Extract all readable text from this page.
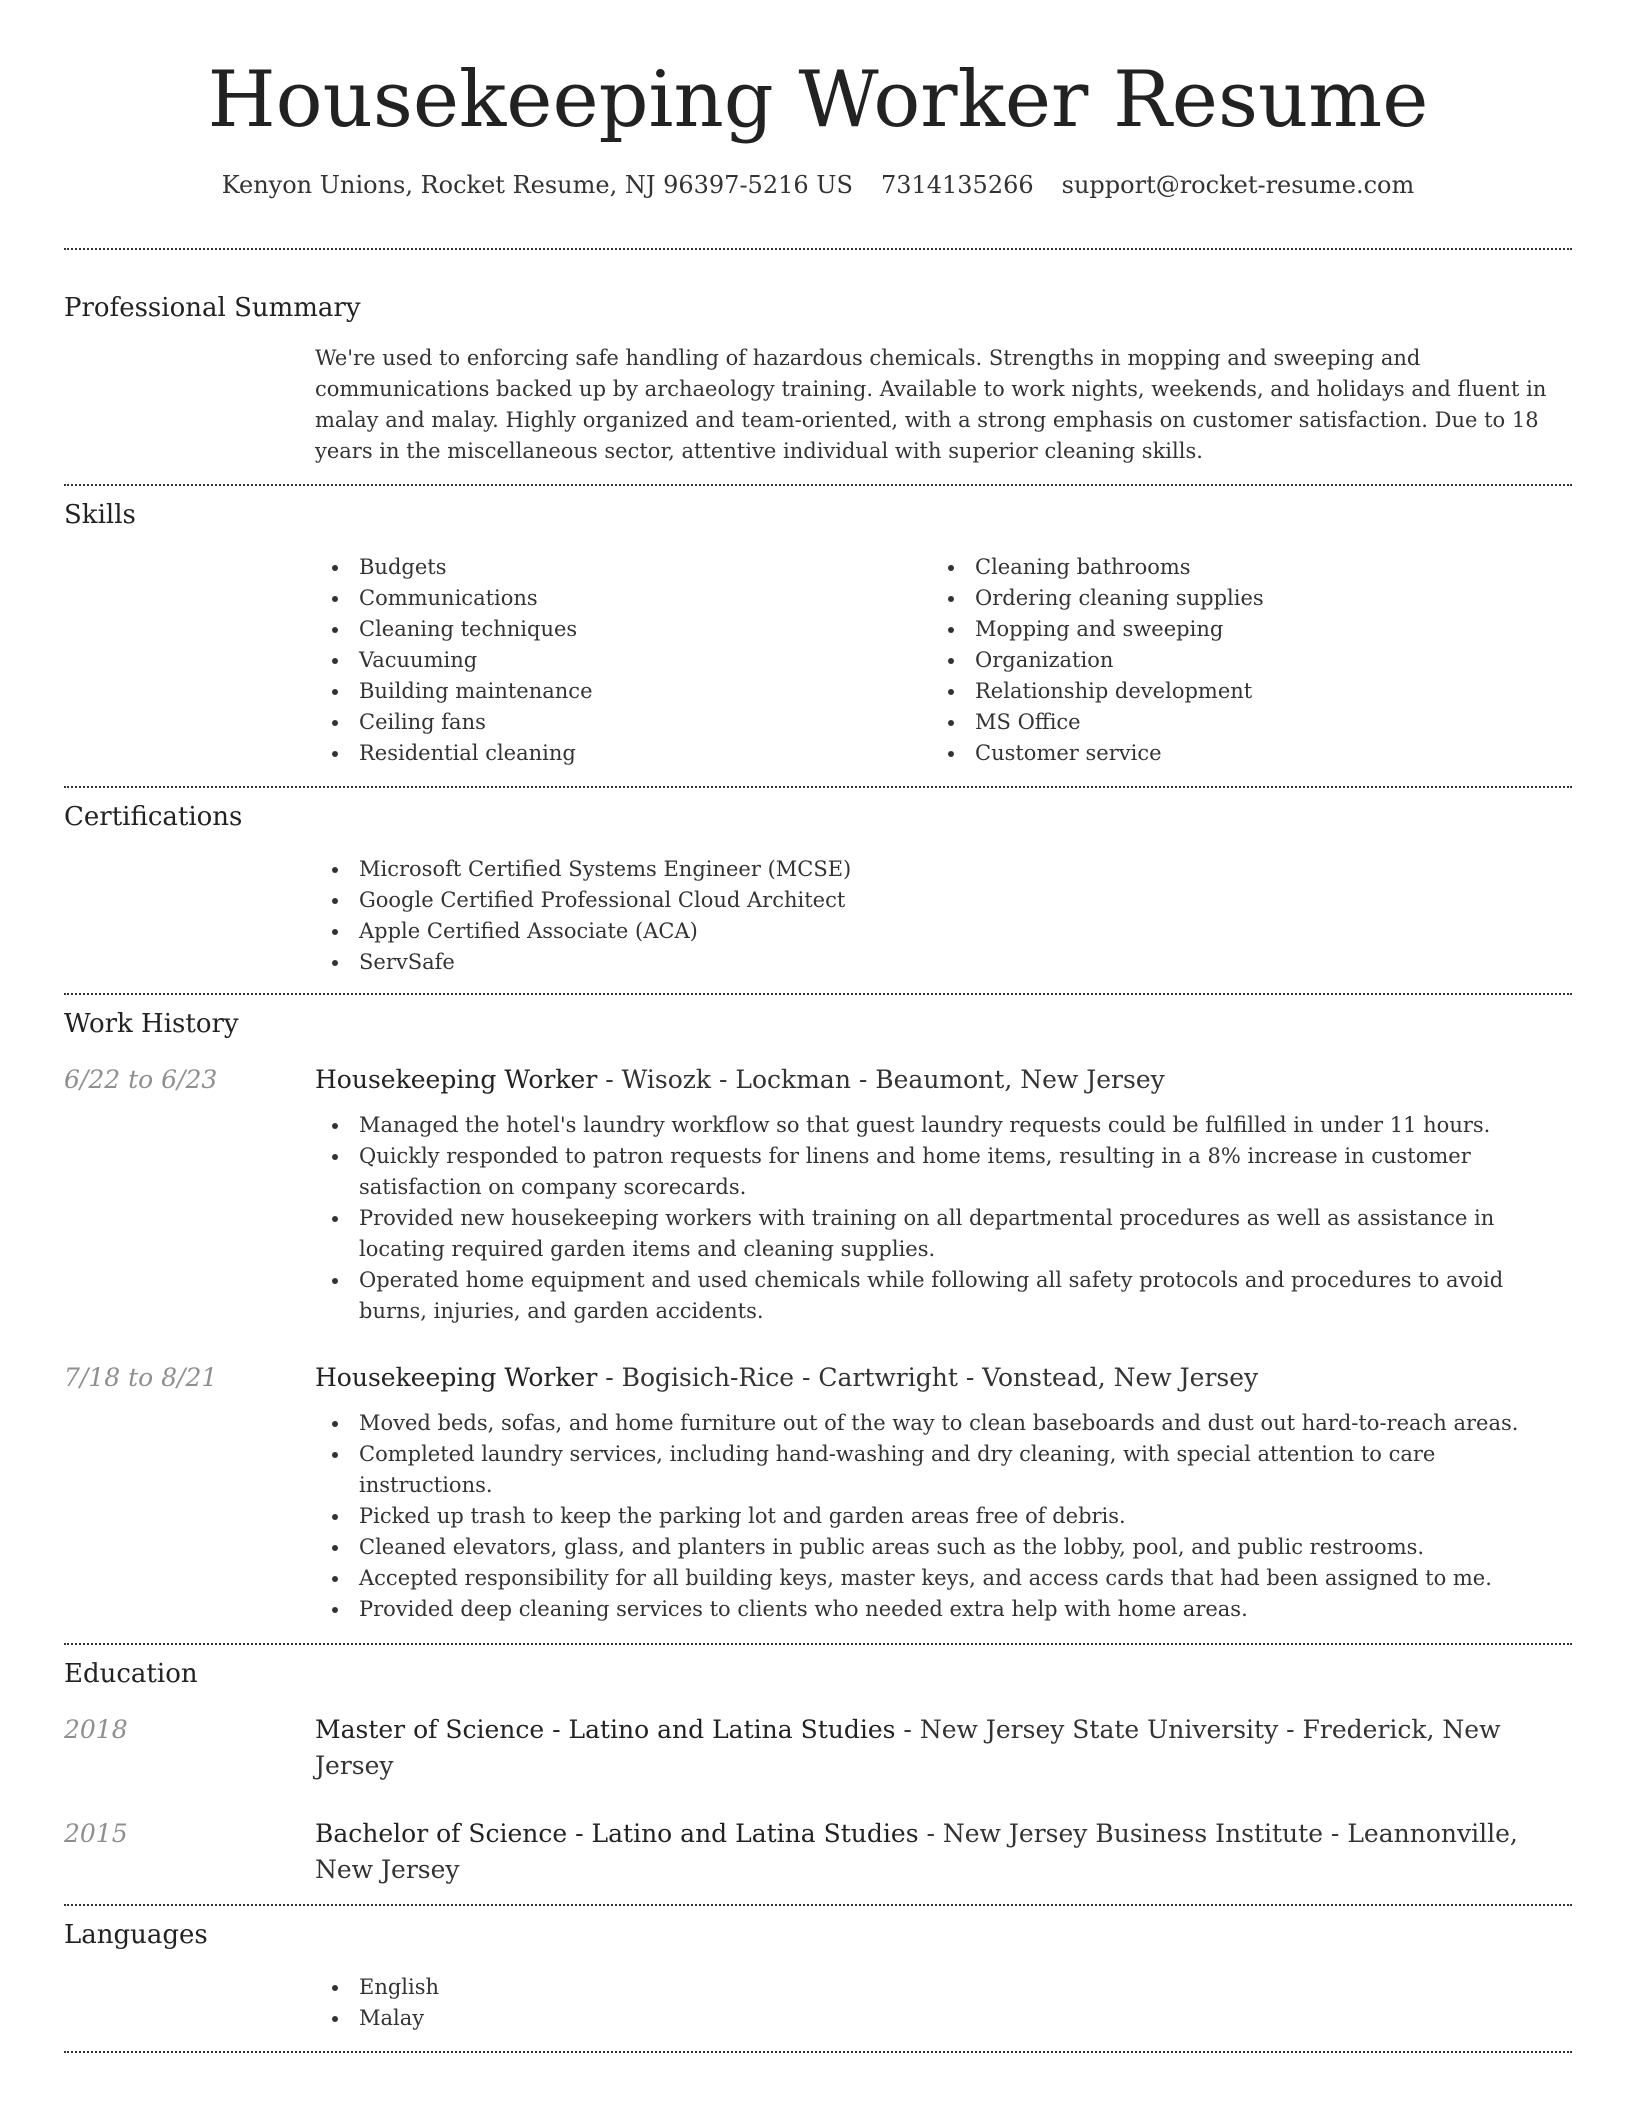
Housekeeping Worker Resume
Kenyon Unions, Rocket Resume, NJ 96397-5216 US 7314135266 support@rocket-resume.com
Professional Summary
We're used to enforcing safe handling of hazardous chemicals. Strengths in mopping and sweeping and communications backed up by archaeology training. Available to work nights, weekends, and holidays and fluent in malay and malay. Highly organized and team-oriented, with a strong emphasis on customer satisfaction. Due to 18 years in the miscellaneous sector, attentive individual with superior cleaning skills.
Skills
Budgets
Communications
Cleaning techniques
Vacuuming
Building maintenance
Ceiling fans
Residential cleaning
Cleaning bathrooms
Ordering cleaning supplies
Mopping and sweeping
Organization
Relationship development
MS Office
Customer service
Certifications
Microsoft Certified Systems Engineer (MCSE)
Google Certified Professional Cloud Architect
Apple Certified Associate (ACA)
ServSafe
Work History
6/22 to 6/23	Housekeeping Worker - Wisozk - Lockman - Beaumont, New Jersey
Managed the hotel's laundry workflow so that guest laundry requests could be fulfilled in under 11 hours.
Quickly responded to patron requests for linens and home items, resulting in a 8% increase in customer satisfaction on company scorecards.
Provided new housekeeping workers with training on all departmental procedures as well as assistance in locating required garden items and cleaning supplies.
Operated home equipment and used chemicals while following all safety protocols and procedures to avoid burns, injuries, and garden accidents.
7/18 to 8/21	Housekeeping Worker - Bogisich-Rice - Cartwright - Vonstead, New Jersey
Moved beds, sofas, and home furniture out of the way to clean baseboards and dust out hard-to-reach areas.
Completed laundry services, including hand-washing and dry cleaning, with special attention to care instructions.
Picked up trash to keep the parking lot and garden areas free of debris.
Cleaned elevators, glass, and planters in public areas such as the lobby, pool, and public restrooms.
Accepted responsibility for all building keys, master keys, and access cards that had been assigned to me.
Provided deep cleaning services to clients who needed extra help with home areas.
Education
2018	Master of Science - Latino and Latina Studies - New Jersey State University - Frederick, New Jersey
2015	Bachelor of Science - Latino and Latina Studies - New Jersey Business Institute - Leannonville, New Jersey
Languages
English
Malay
